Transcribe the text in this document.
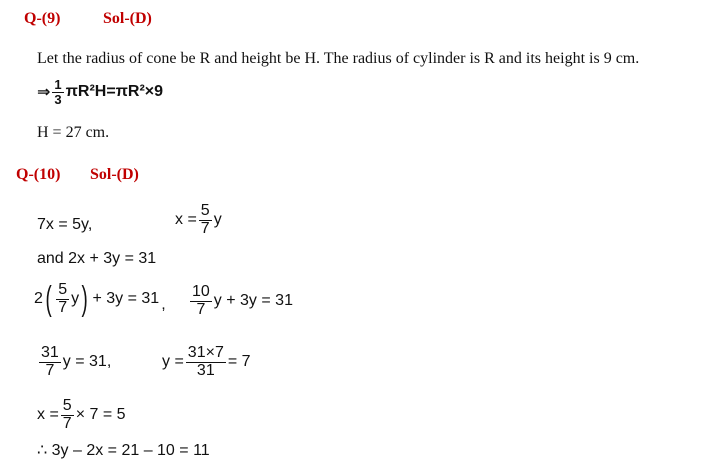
Q-(9)	Sol-(D)
Let the radius of cone be R and height be H. The radius of cylinder is R and its height is 9 cm.
⇒ $\frac{1}{3} \pi R^2H = \pi R^2\times 9$
H = 27 cm.
Q-(10) Sol-(D)
7x = 5y,	$x = \frac{5}{7}$ y
and 2x + 3y = 31
2 ( $\frac{5}{7}$ y ) + 3y = 31 , $\frac{10}{7}$ y + 3y = 31
$\frac{31}{7}$ y = 31,	$y = \frac{31\times 7}{31} = 7$
$x = \frac{5}{7} \times 7 = 5$
∴ 3y – 2x = 21 – 10 = 11
